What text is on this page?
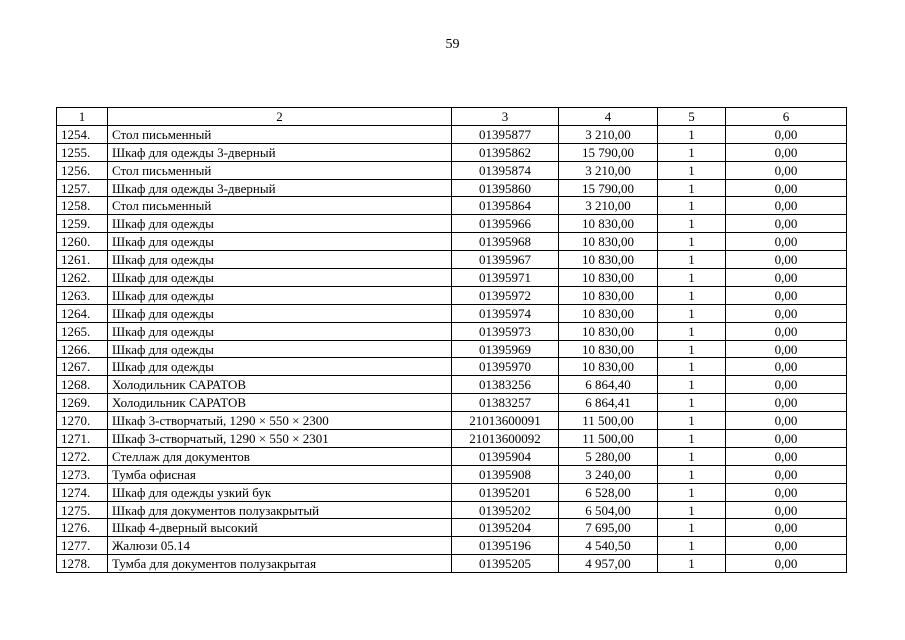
59
1	2	3	4	5	6
1254.	Стол письменный	01395877	3 210,00	1	0,00
1255.	Шкаф для одежды 3-дверный	01395862	15 790,00	1	0,00
1256.	Стол письменный	01395874	3 210,00	1	0,00
1257.	Шкаф для одежды 3-дверный	01395860	15 790,00	1	0,00
1258.	Стол письменный	01395864	3 210,00	1	0,00
1259.	Шкаф для одежды	01395966	10 830,00	1	0,00
1260.	Шкаф для одежды	01395968	10 830,00	1	0,00
1261.	Шкаф для одежды	01395967	10 830,00	1	0,00
1262.	Шкаф для одежды	01395971	10 830,00	1	0,00
1263.	Шкаф для одежды	01395972	10 830,00	1	0,00
1264.	Шкаф для одежды	01395974	10 830,00	1	0,00
1265.	Шкаф для одежды	01395973	10 830,00	1	0,00
1266.	Шкаф для одежды	01395969	10 830,00	1	0,00
1267.	Шкаф для одежды	01395970	10 830,00	1	0,00
1268.	Холодильник САРАТОВ	01383256	6 864,40	1	0,00
1269.	Холодильник САРАТОВ	01383257	6 864,41	1	0,00
1270.	Шкаф 3-створчатый, 1290 × 550 × 2300	21013600091	11 500,00	1	0,00
1271.	Шкаф 3-створчатый, 1290 × 550 × 2301	21013600092	11 500,00	1	0,00
1272.	Стеллаж для документов	01395904	5 280,00	1	0,00
1273.	Тумба офисная	01395908	3 240,00	1	0,00
1274.	Шкаф для одежды узкий бук	01395201	6 528,00	1	0,00
1275.	Шкаф для документов полузакрытый	01395202	6 504,00	1	0,00
1276.	Шкаф 4-дверный высокий	01395204	7 695,00	1	0,00
1277.	Жалюзи 05.14	01395196	4 540,50	1	0,00
1278.	Тумба для документов полузакрытая	01395205	4 957,00	1	0,00
